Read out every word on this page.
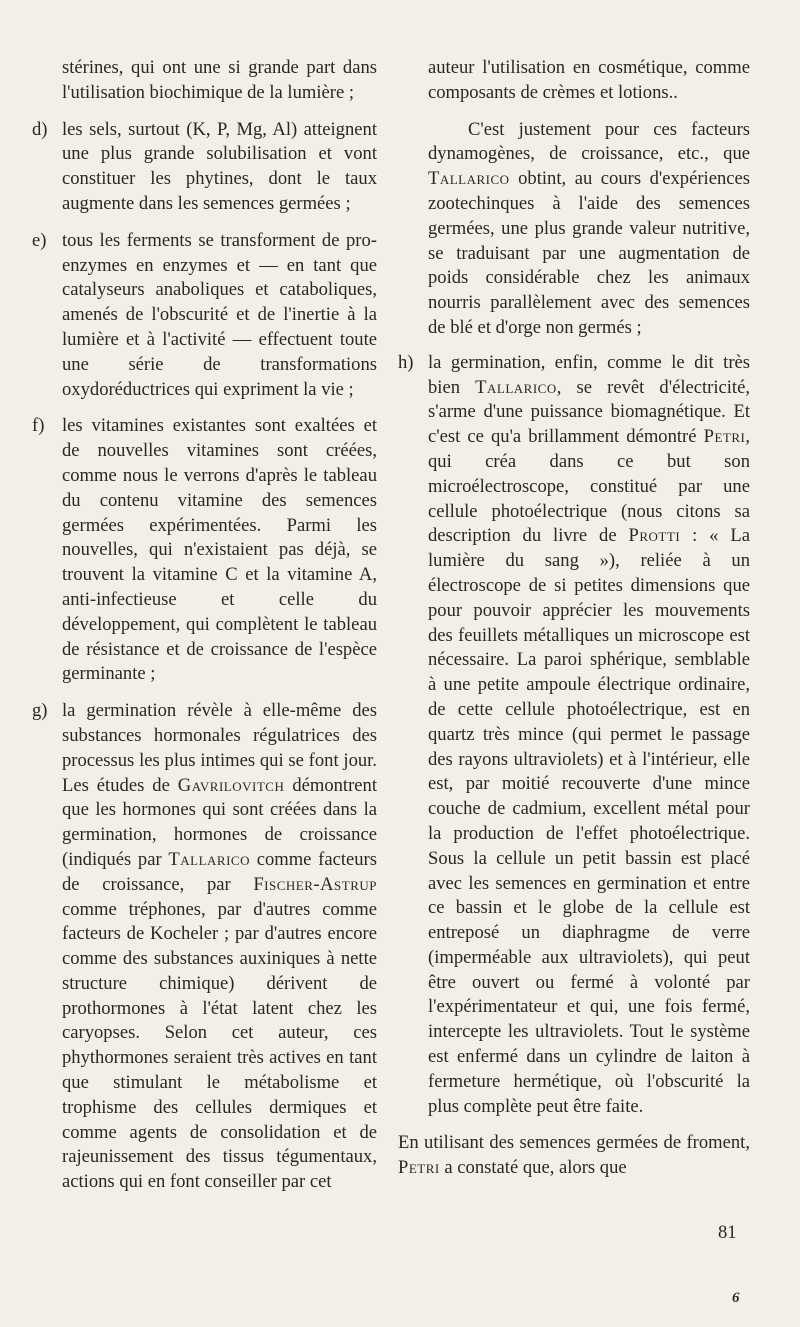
stérines, qui ont une si grande part dans l'utilisation biochimique de la lumière ;

d) les sels, surtout (K, P, Mg, Al) atteignent une plus grande solubilisation et vont constituer les phytines, dont le taux augmente dans les semences germées ;
e) tous les ferments se transforment de pro-enzymes en enzymes et — en tant que catalyseurs anaboliques et cataboliques, amenés de l'obscurité et de l'inertie à la lumière et à l'activité — effectuent toute une série de transformations oxydoréductrices qui expriment la vie ;
f) les vitamines existantes sont exaltées et de nouvelles vitamines sont créées, comme nous le verrons d'après le tableau du contenu vitamine des semences germées expérimentées. Parmi les nouvelles, qui n'existaient pas déjà, se trouvent la vitamine C et la vitamine A, anti-infectieuse et celle du développement, qui complètent le tableau de résistance et de croissance de l'espèce germinante ;
g) la germination révèle à elle-même des substances hormonales régulatrices des processus les plus intimes qui se font jour. Les études de Gavrilovitch démontrent que les hormones qui sont créées dans la germination, hormones de croissance (indiqués par Tallarico comme facteurs de croissance, par Fischer-Astrup comme tréphones, par d'autres comme facteurs de Kocheler ; par d'autres encore comme des substances auxiniques à nette structure chimique) dérivent de prothormones à l'état latent chez les caryopses. Selon cet auteur, ces phythormones seraient très actives en tant que stimulant le métabolisme et trophisme des cellules dermiques et comme agents de consolidation et de rajeunissement des tissus tégumentaux, actions qui en font conseiller par cet

auteur l'utilisation en cosmétique, comme composants de crèmes et lotions..

C'est justement pour ces facteurs dynamogènes, de croissance, etc., que Tallarico obtint, au cours d'expériences zootechinques à l'aide des semences germées, une plus grande valeur nutritive, se traduisant par une augmentation de poids considérable chez les animaux nourris parallèlement avec des semences de blé et d'orge non germés ;

h) la germination, enfin, comme le dit très bien Tallarico, se revêt d'électricité, s'arme d'une puissance biomagnétique. Et c'est ce qu'a brillamment démontré Petri, qui créa dans ce but son microélectroscope, constitué par une cellule photoélectrique (nous citons sa description du livre de Protti : « La lumière du sang »), reliée à un électroscope de si petites dimensions que pour pouvoir apprécier les mouvements des feuillets métalliques un microscope est nécessaire. La paroi sphérique, semblable à une petite ampoule électrique ordinaire, de cette cellule photoélectrique, est en quartz très mince (qui permet le passage des rayons ultraviolets) et à l'intérieur, elle est, par moitié recouverte d'une mince couche de cadmium, excellent métal pour la production de l'effet photoélectrique. Sous la cellule un petit bassin est placé avec les semences en germination et entre ce bassin et le globe de la cellule est entreposé un diaphragme de verre (imperméable aux ultraviolets), qui peut être ouvert ou fermé à volonté par l'expérimentateur et qui, une fois fermé, intercepte les ultraviolets. Tout le système est enfermé dans un cylindre de laiton à fermeture hermétique, où l'obscurité la plus complète peut être faite.

En utilisant des semences germées de froment, Petri a constaté que, alors que

81
6
